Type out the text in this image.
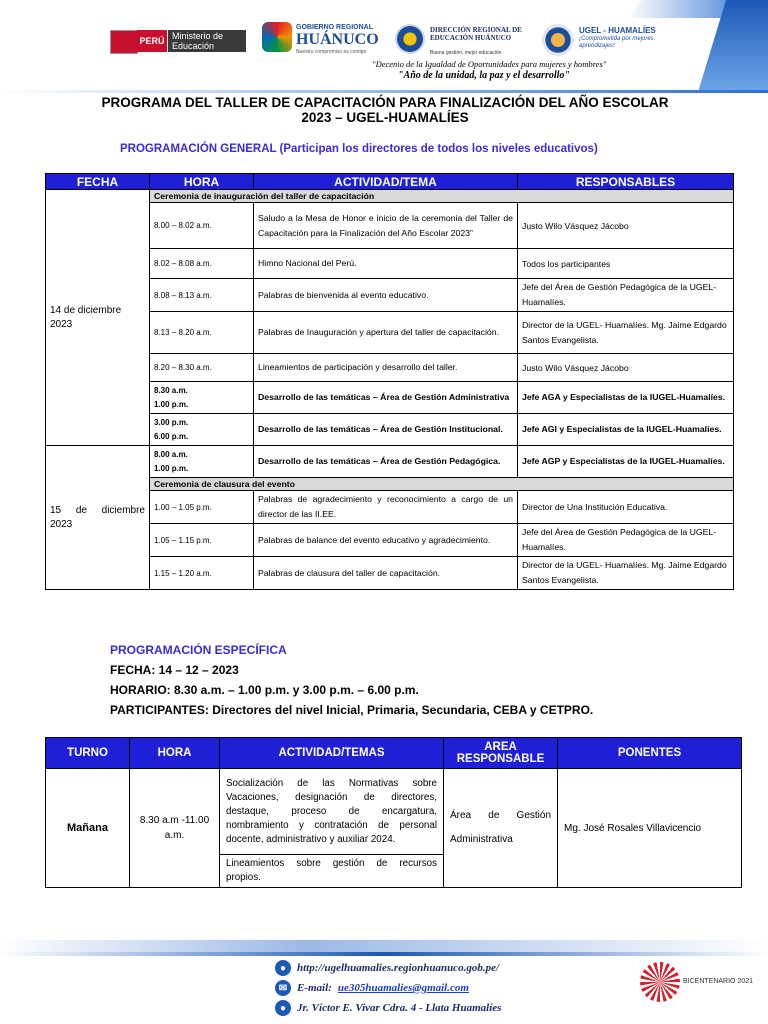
PERÚ Ministerio de Educación
GOBIERNO REGIONAL
HUÁNUCO
Nuestro compromiso es contigo
DIRECCIÓN REGIONAL DE EDUCACIÓN HUÁNUCO
Buena gestión, mejor educación
UGEL - HUAMALÍES
¡Comprometida por mejores aprendizajes!
"Decenio de la Igualdad de Oportunidades para mujeres y hombres"
"Año de la unidad, la paz y el desarrollo"
PROGRAMA DEL TALLER DE CAPACITACIÓN PARA FINALIZACIÓN DEL AÑO ESCOLAR 2023 – UGEL-HUAMALÍES
PROGRAMACIÓN GENERAL (Participan los directores de todos los niveles educativos)
FECHA	HORA	ACTIVIDAD/TEMA	RESPONSABLES
14 de diciembre 2023	Ceremonia de inauguración del taller de capacitación		
	8.00 – 8.02 a.m.	Saludo a la Mesa de Honor e inicio de la ceremonia del Taller de Capacitación para la Finalización del Año Escolar 2023”	Justo Wilo Vásquez Jácobo
	8.02 – 8.08 a.m.	Himno Nacional del Perú.	Todos los participantes
	8.08 – 8.13 a.m.	Palabras de bienvenida al evento educativo.	Jefe del Área de Gestión Pedagógica de la UGEL-Huamalíes.
	8.13 – 8.20 a.m.	Palabras de Inauguración y apertura del taller de capacitación.	Director de la UGEL- Huamalíes. Mg. Jaime Edgardo Santos Evangelista.
	8.20 – 8.30 a.m.	Lineamientos de participación y desarrollo del taller.	Justo Wilo Vásquez Jácobo
	8.30 a.m.
1.00 p.m.	Desarrollo de las temáticas – Área de Gestión Administrativa	Jefe AGA y Especialistas de la IUGEL-Huamalíes.
	3.00 p.m.
6.00 p.m.	Desarrollo de las temáticas – Área de Gestión Institucional.	Jefe AGI y Especialistas de la IUGEL-Huamalíes.
15 de diciembre 2023	8.00 a.m.
1.00 p.m.	Desarrollo de las temáticas – Área de Gestión Pedagógica.	Jefe AGP y Especialistas de la IUGEL-Huamalíes.
	Ceremonia de clausura del evento		
	1.00 – 1.05 p.m.	Palabras de agradecimiento y reconocimiento a cargo de un director de las II.EE.	Director de Una Institución Educativa.
	1.05 – 1.15 p.m.	Palabras de balance del evento educativo y agradecimiento.	Jefe del Área de Gestión Pedagógica de la UGEL-Huamalíes.
	1.15 – 1.20 a.m.	Palabras de clausura del taller de capacitación.	Director de la UGEL- Huamalíes. Mg. Jaime Edgardo Santos Evangelista.
PROGRAMACIÓN ESPECÍFICA
FECHA: 14 – 12 – 2023
HORARIO: 8.30 a.m. – 1.00 p.m. y 3.00 p.m. – 6.00 p.m.
PARTICIPANTES: Directores del nivel Inicial, Primaria, Secundaria, CEBA y CETPRO.
TURNO	HORA	ACTIVIDAD/TEMAS	AREA RESPONSABLE	PONENTES
Mañana	8.30 a.m -11.00 a.m.	Socialización de las Normativas sobre Vacaciones, designación de directores, destaque, proceso de encargatura, nombramiento y contratación de personal docente, administrativo y auxiliar 2024.	Área de Gestión Administrativa	Mg. José Rosales Villavicencio
		Lineamientos sobre gestión de recursos propios.		
● http://ugelhuamalies.regionhuanuco.gob.pe/
✉ E-mail: ue305huamalies@gmail.com
● Jr. Víctor E. Vivar Cdra. 4 - Llata Huamalíes
BICENTENARIO 2021
